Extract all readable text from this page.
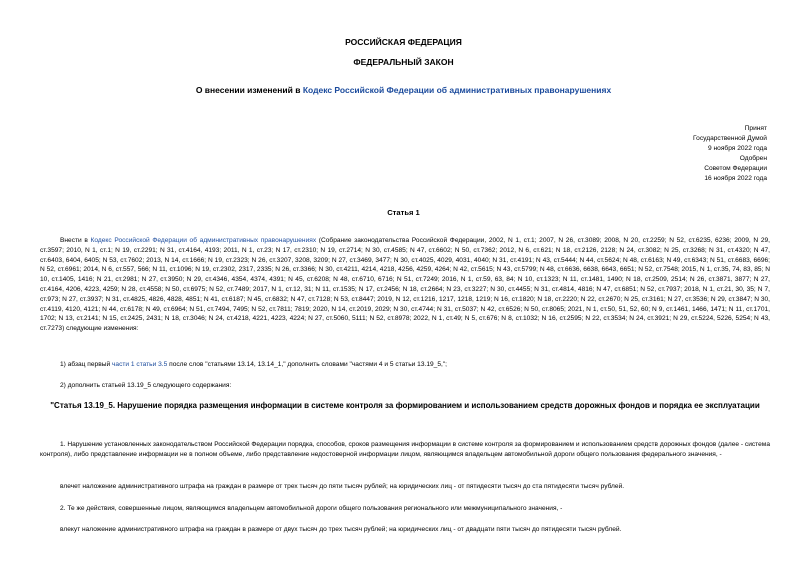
РОССИЙСКАЯ ФЕДЕРАЦИЯ
ФЕДЕРАЛЬНЫЙ ЗАКОН
О внесении изменений в Кодекс Российской Федерации об административных правонарушениях
Принят
Государственной Думой
9 ноября 2022 года
Одобрен
Советом Федерации
16 ноября 2022 года
Статья 1
Внести в Кодекс Российской Федерации об административных правонарушениях (Собрание законодательства Российской Федерации, 2002, N 1, ст.1; 2007, N 26, ст.3089; 2008, N 20, ст.2259; N 52, ст.6235, 6236; 2009, N 29, ст.3597; 2010, N 1, ст.1; N 19, ст.2291; N 31, ст.4164, 4193; 2011, N 1, ст.23; N 17, ст.2310; N 19, ст.2714; N 30, ст.4585; N 47, ст.6602; N 50, ст.7362; 2012, N 6, ст.621; N 18, ст.2126, 2128; N 24, ст.3082; N 25, ст.3268; N 31, ст.4320; N 47, ст.6403, 6404, 6405; N 53, ст.7602; 2013, N 14, ст.1666; N 19, ст.2323; N 26, ст.3207, 3208, 3209; N 27, ст.3469, 3477; N 30, ст.4025, 4029, 4031, 4040; N 31, ст.4191; N 43, ст.5444; N 44, ст.5624; N 48, ст.6163; N 49, ст.6343; N 51, ст.6683, 6696; N 52, ст.6961; 2014, N 6, ст.557, 566; N 11, ст.1096; N 19, ст.2302, 2317, 2335; N 26, ст.3366; N 30, ст.4211, 4214, 4218, 4256, 4259, 4264; N 42, ст.5615; N 43, ст.5799; N 48, ст.6636, 6638, 6643, 6651; N 52, ст.7548; 2015, N 1, ст.35, 74, 83, 85; N 10, ст.1405, 1416; N 21, ст.2981; N 27, ст.3950; N 29, ст.4346, 4354, 4374, 4391; N 45, ст.6208; N 48, ст.6710, 6716; N 51, ст.7249; 2016, N 1, ст.59, 63, 84; N 10, ст.1323; N 11, ст.1481, 1490; N 18, ст.2509, 2514; N 26, ст.3871, 3877; N 27, ст.4164, 4206, 4223, 4259; N 28, ст.4558; N 50, ст.6975; N 52, ст.7489; 2017, N 1, ст.12, 31; N 11, ст.1535; N 17, ст.2456; N 18, ст.2664; N 23, ст.3227; N 30, ст.4455; N 31, ст.4814, 4816; N 47, ст.6851; N 52, ст.7937; 2018, N 1, ст.21, 30, 35; N 7, ст.973; N 27, ст.3937; N 31, ст.4825, 4826, 4828, 4851; N 41, ст.6187; N 45, ст.6832; N 47, ст.7128; N 53, ст.8447; 2019, N 12, ст.1216, 1217, 1218, 1219; N 16, ст.1820; N 18, ст.2220; N 22, ст.2670; N 25, ст.3161; N 27, ст.3536; N 29, ст.3847; N 30, ст.4119, 4120, 4121; N 44, ст.6178; N 49, ст.6964; N 51, ст.7494, 7495; N 52, ст.7811; 7819; 2020, N 14, ст.2019, 2029; N 30, ст.4744; N 31, ст.5037; N 42, ст.6526; N 50, ст.8065; 2021, N 1, ст.50, 51, 52, 60; N 9, ст.1461, 1466, 1471; N 11, ст.1701, 1702; N 13, ст.2141; N 15, ст.2425, 2431; N 18, ст.3046; N 24, ст.4218, 4221, 4223, 4224; N 27, ст.5060, 5111; N 52, ст.8978; 2022, N 1, ст.49; N 5, ст.676; N 8, ст.1032; N 16, ст.2595; N 22, ст.3534; N 24, ст.3921; N 29, ст.5224, 5226, 5254; N 43, ст.7273) следующие изменения:
1) абзац первый части 1 статьи 3.5 после слов "статьями 13.14, 13.14_1," дополнить словами "частями 4 и 5 статьи 13.19_5,";
2) дополнить статьей 13.19_5 следующего содержания:
"Статья 13.19_5. Нарушение порядка размещения информации в системе контроля за формированием и использованием средств дорожных фондов и порядка ее эксплуатации
1. Нарушение установленных законодательством Российской Федерации порядка, способов, сроков размещения информации в системе контроля за формированием и использованием средств дорожных фондов (далее - система контроля), либо представление информации не в полном объеме, либо представление недостоверной информации лицом, являющимся владельцем автомобильной дороги общего пользования федерального значения, -
влечет наложение административного штрафа на граждан в размере от трех тысяч до пяти тысяч рублей; на юридических лиц - от пятидесяти тысяч до ста пятидесяти тысяч рублей.
2. Те же действия, совершенные лицом, являющимся владельцем автомобильной дороги общего пользования регионального или межмуниципального значения, -
влекут наложение административного штрафа на граждан в размере от двух тысяч до трех тысяч рублей; на юридических лиц - от двадцати пяти тысяч до пятидесяти тысяч рублей.
